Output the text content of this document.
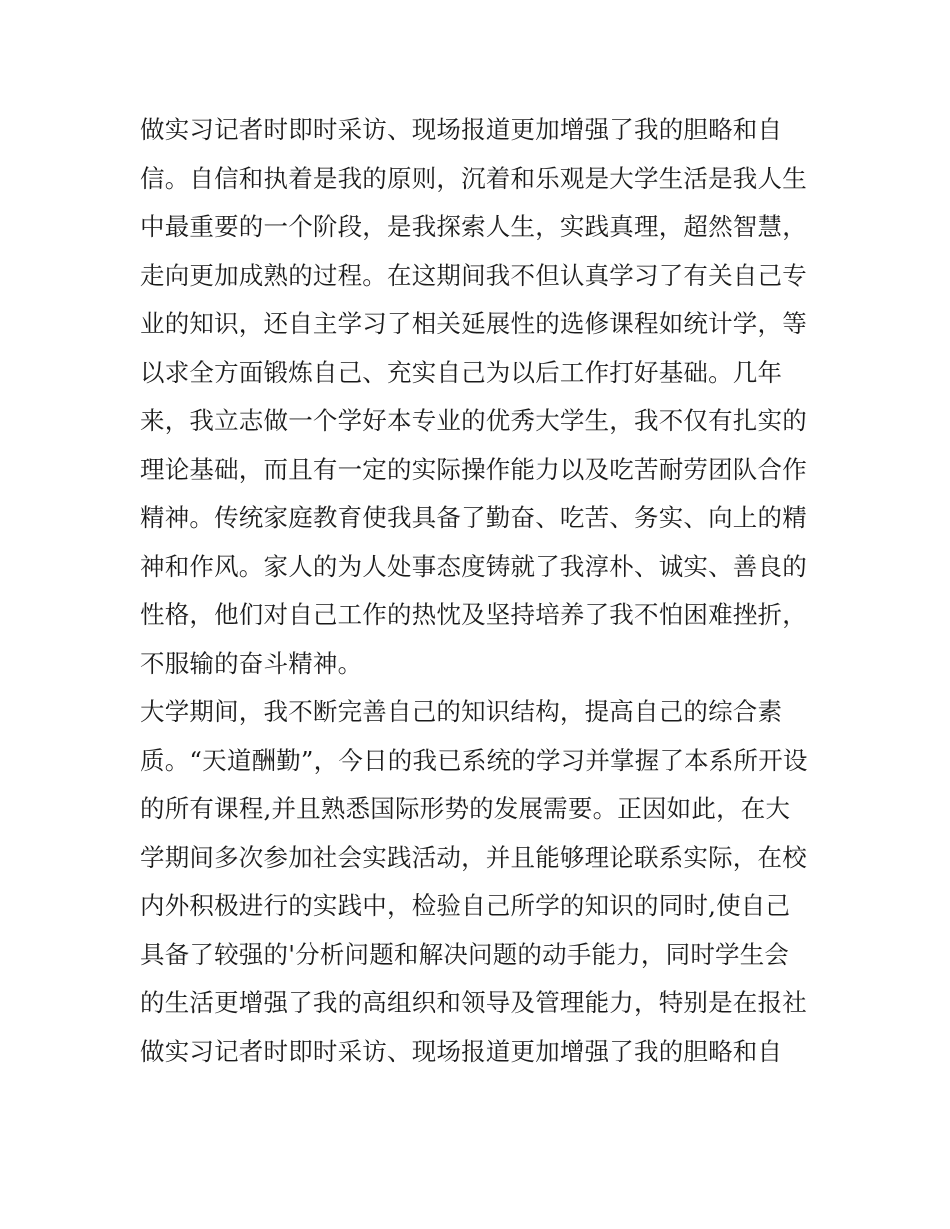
做实习记者时即时采访、现场报道更加增强了我的胆略和自
信。自信和执着是我的原则，沉着和乐观是大学生活是我人生
中最重要的一个阶段，是我探索人生，实践真理，超然智慧，
走向更加成熟的过程。在这期间我不但认真学习了有关自己专
业的知识，还自主学习了相关延展性的选修课程如统计学，等
以求全方面锻炼自己、充实自己为以后工作打好基础。几年
来，我立志做一个学好本专业的优秀大学生，我不仅有扎实的
理论基础，而且有一定的实际操作能力以及吃苦耐劳团队合作
精神。传统家庭教育使我具备了勤奋、吃苦、务实、向上的精
神和作风。家人的为人处事态度铸就了我淳朴、诚实、善良的
性格，他们对自己工作的热忱及坚持培养了我不怕困难挫折，
不服输的奋斗精神。
大学期间，我不断完善自己的知识结构，提高自己的综合素
质。“天道酬勤”，今日的我已系统的学习并掌握了本系所开设
的所有课程,并且熟悉国际形势的发展需要。正因如此，在大
学期间多次参加社会实践活动，并且能够理论联系实际，在校
内外积极进行的实践中，检验自己所学的知识的同时,使自己
具备了较强的'分析问题和解决问题的动手能力，同时学生会
的生活更增强了我的高组织和领导及管理能力，特别是在报社
做实习记者时即时采访、现场报道更加增强了我的胆略和自
